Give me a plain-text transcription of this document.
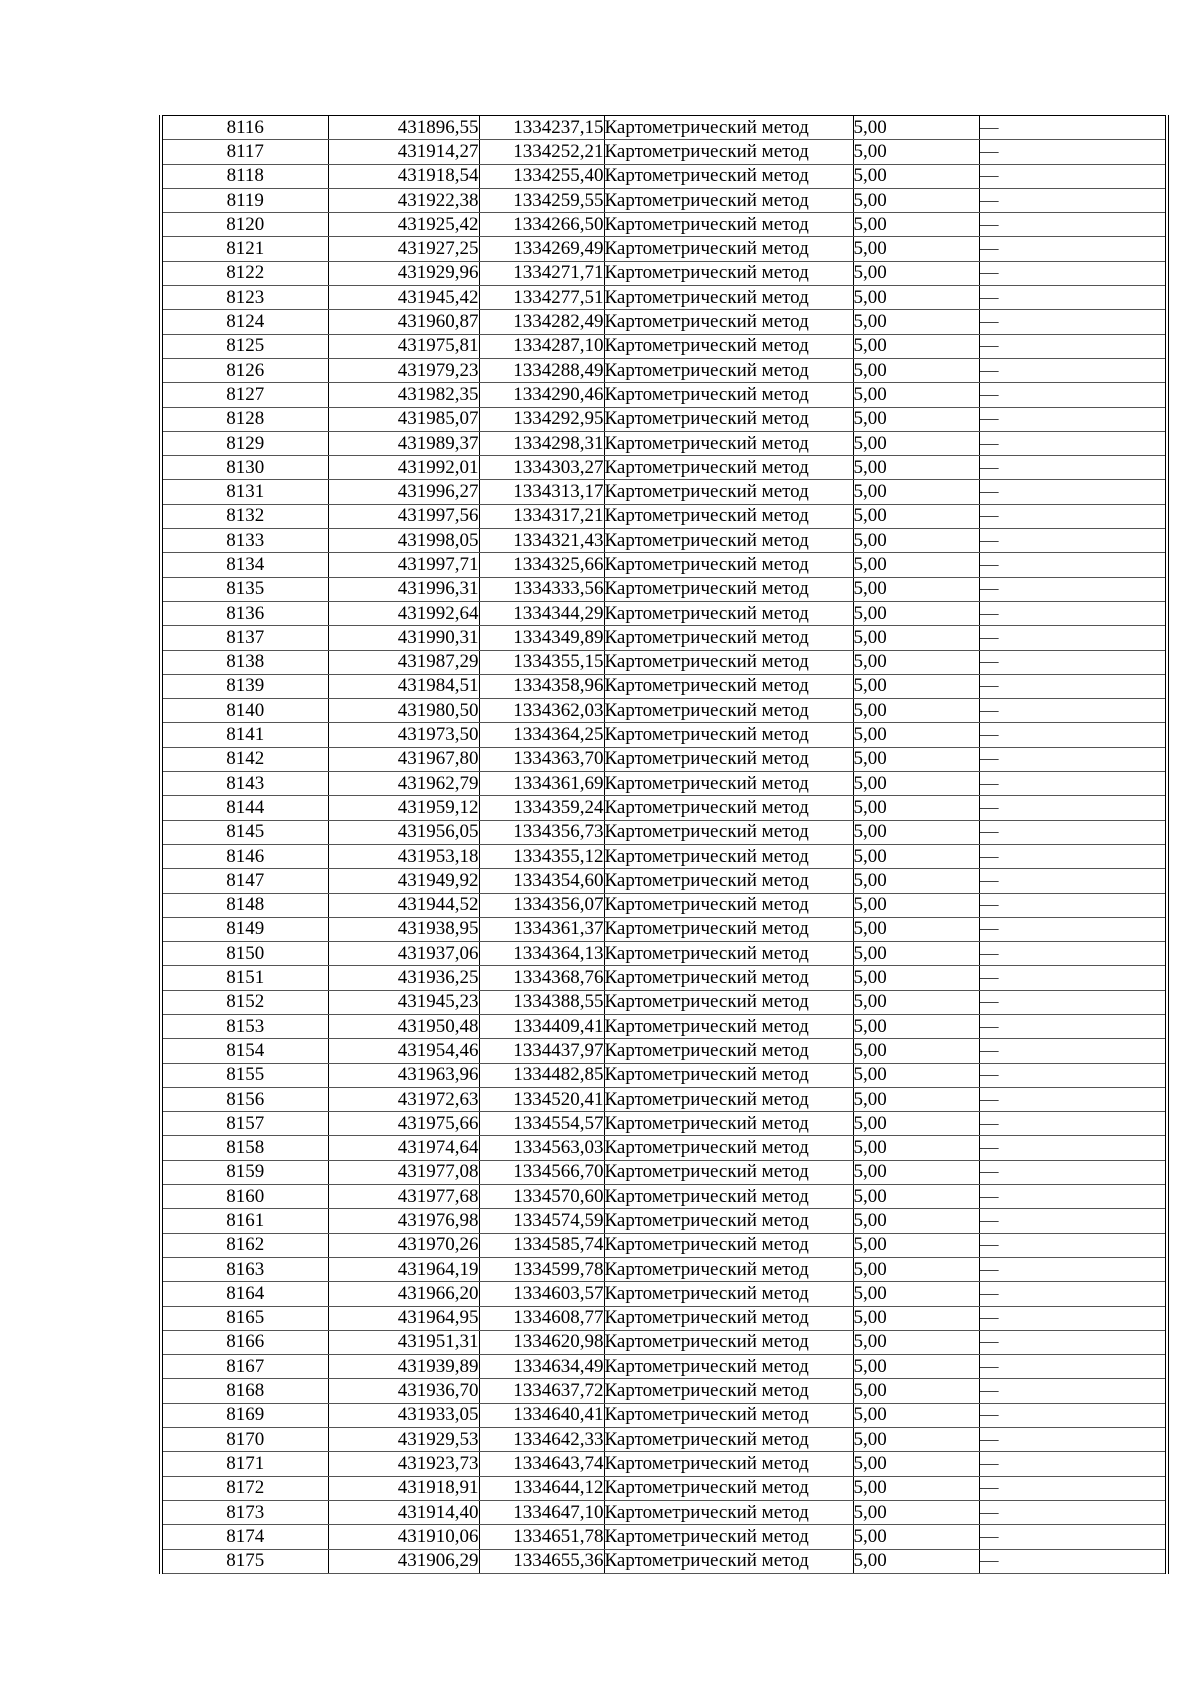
8116	431896,55	1334237,15	Картометрический метод	5,00	—
8117	431914,27	1334252,21	Картометрический метод	5,00	—
8118	431918,54	1334255,40	Картометрический метод	5,00	—
8119	431922,38	1334259,55	Картометрический метод	5,00	—
8120	431925,42	1334266,50	Картометрический метод	5,00	—
8121	431927,25	1334269,49	Картометрический метод	5,00	—
8122	431929,96	1334271,71	Картометрический метод	5,00	—
8123	431945,42	1334277,51	Картометрический метод	5,00	—
8124	431960,87	1334282,49	Картометрический метод	5,00	—
8125	431975,81	1334287,10	Картометрический метод	5,00	—
8126	431979,23	1334288,49	Картометрический метод	5,00	—
8127	431982,35	1334290,46	Картометрический метод	5,00	—
8128	431985,07	1334292,95	Картометрический метод	5,00	—
8129	431989,37	1334298,31	Картометрический метод	5,00	—
8130	431992,01	1334303,27	Картометрический метод	5,00	—
8131	431996,27	1334313,17	Картометрический метод	5,00	—
8132	431997,56	1334317,21	Картометрический метод	5,00	—
8133	431998,05	1334321,43	Картометрический метод	5,00	—
8134	431997,71	1334325,66	Картометрический метод	5,00	—
8135	431996,31	1334333,56	Картометрический метод	5,00	—
8136	431992,64	1334344,29	Картометрический метод	5,00	—
8137	431990,31	1334349,89	Картометрический метод	5,00	—
8138	431987,29	1334355,15	Картометрический метод	5,00	—
8139	431984,51	1334358,96	Картометрический метод	5,00	—
8140	431980,50	1334362,03	Картометрический метод	5,00	—
8141	431973,50	1334364,25	Картометрический метод	5,00	—
8142	431967,80	1334363,70	Картометрический метод	5,00	—
8143	431962,79	1334361,69	Картометрический метод	5,00	—
8144	431959,12	1334359,24	Картометрический метод	5,00	—
8145	431956,05	1334356,73	Картометрический метод	5,00	—
8146	431953,18	1334355,12	Картометрический метод	5,00	—
8147	431949,92	1334354,60	Картометрический метод	5,00	—
8148	431944,52	1334356,07	Картометрический метод	5,00	—
8149	431938,95	1334361,37	Картометрический метод	5,00	—
8150	431937,06	1334364,13	Картометрический метод	5,00	—
8151	431936,25	1334368,76	Картометрический метод	5,00	—
8152	431945,23	1334388,55	Картометрический метод	5,00	—
8153	431950,48	1334409,41	Картометрический метод	5,00	—
8154	431954,46	1334437,97	Картометрический метод	5,00	—
8155	431963,96	1334482,85	Картометрический метод	5,00	—
8156	431972,63	1334520,41	Картометрический метод	5,00	—
8157	431975,66	1334554,57	Картометрический метод	5,00	—
8158	431974,64	1334563,03	Картометрический метод	5,00	—
8159	431977,08	1334566,70	Картометрический метод	5,00	—
8160	431977,68	1334570,60	Картометрический метод	5,00	—
8161	431976,98	1334574,59	Картометрический метод	5,00	—
8162	431970,26	1334585,74	Картометрический метод	5,00	—
8163	431964,19	1334599,78	Картометрический метод	5,00	—
8164	431966,20	1334603,57	Картометрический метод	5,00	—
8165	431964,95	1334608,77	Картометрический метод	5,00	—
8166	431951,31	1334620,98	Картометрический метод	5,00	—
8167	431939,89	1334634,49	Картометрический метод	5,00	—
8168	431936,70	1334637,72	Картометрический метод	5,00	—
8169	431933,05	1334640,41	Картометрический метод	5,00	—
8170	431929,53	1334642,33	Картометрический метод	5,00	—
8171	431923,73	1334643,74	Картометрический метод	5,00	—
8172	431918,91	1334644,12	Картометрический метод	5,00	—
8173	431914,40	1334647,10	Картометрический метод	5,00	—
8174	431910,06	1334651,78	Картометрический метод	5,00	—
8175	431906,29	1334655,36	Картометрический метод	5,00	—
